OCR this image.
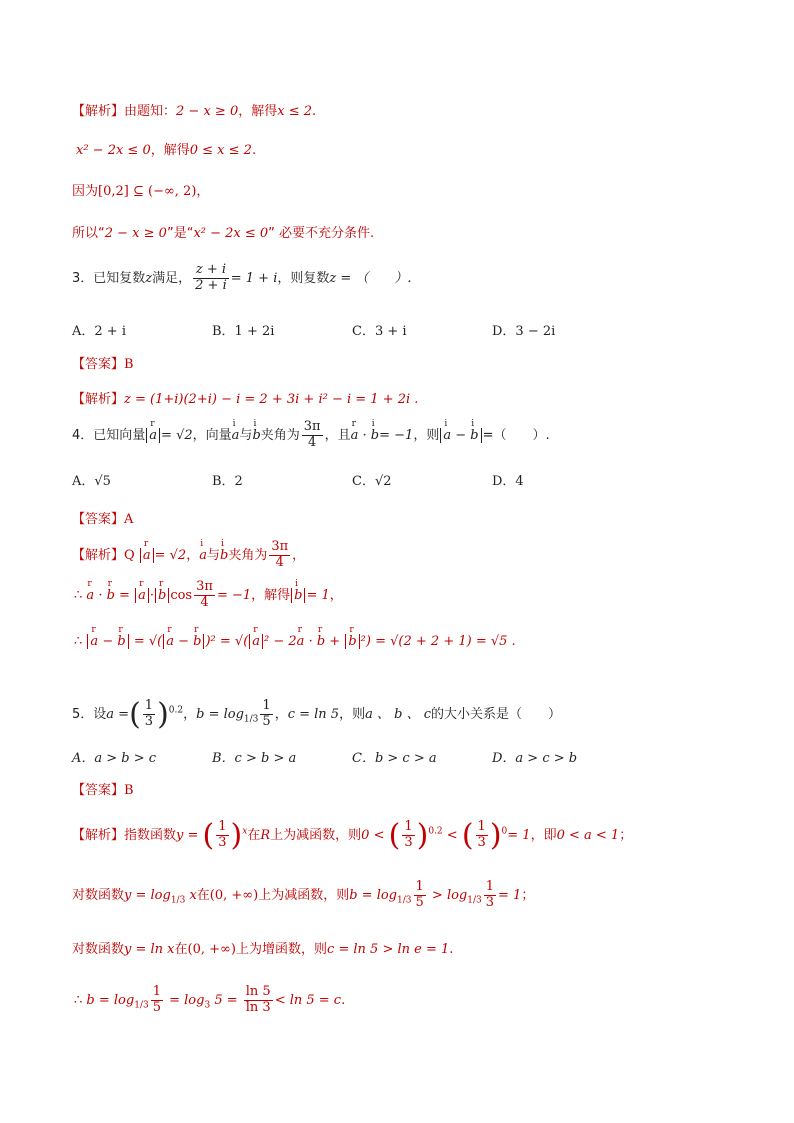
【解析】由题知：2 − x ≥ 0，解得x ≤ 2.
x² − 2x ≤ 0，解得0 ≤ x ≤ 2.
因为[0,2] ⊆ (−∞, 2)，
所以“2 − x ≥ 0”是“x² − 2x ≤ 0” 必要不充分条件.
3．已知复数z满足， $\frac{z + i}{2 + i} = 1 + i$，则复数z = （　　）.
A．2 + i	B．1 + 2i	C．3 + i	D．3 − 2i
【答案】B
【解析】z = (1+i)(2+i) − i = 2 + 3i + i² − i = 1 + 2i .
4．已知向量 r a = √2，向量i a与i b夹角为 $\frac{3\pi}{4}$ ，且r a · i b= −1，则 i a − i b =（　　）.
A．√5	B．2	C．√2	D．4
【答案】A
【解析】Q r a = √2，i a与i b夹角为 $\frac{3\pi}{4}$ ，
∴ r a · r b = r a · r b $\cos \frac{3\pi}{4} = -1$，解得 i b = 1，
∴ r a − r b = √( r a − r b )² = √( r a ² − 2r a · r b + r b ²) = √(2 + 2 + 1) = √5 .
5．设a =( $\frac{1}{3} )^{0.2}$，$b = \log_{1/3} \frac{1}{5}$ ，c = ln 5，则a 、 b 、 c的大小关系是（　　）
A．a > b > c	B．c > b > a	C．b > c > a	D．a > c > b
【答案】B
【解析】指数函数y = ( $\frac{1}{3} )^x$在R上为减函数，则0 < ( $\frac{1}{3} )^{0.2}$ < ( $\frac{1}{3} )^0= 1$，即0 < a < 1；
对数函数$y = \log_{1/3} x$在(0, +∞)上为减函数，则$b = \log_{1/3} \frac{1}{5} > \log_{1/3} \frac{1}{3} = 1$；
对数函数y = ln x在(0, +∞)上为增函数，则c = ln 5 > ln e = 1.
∴ $b = \log_{1/3} \frac{1}{5} = \log_3 5 = \frac{\ln 5}{\ln 3} < \ln 5 = c$.
